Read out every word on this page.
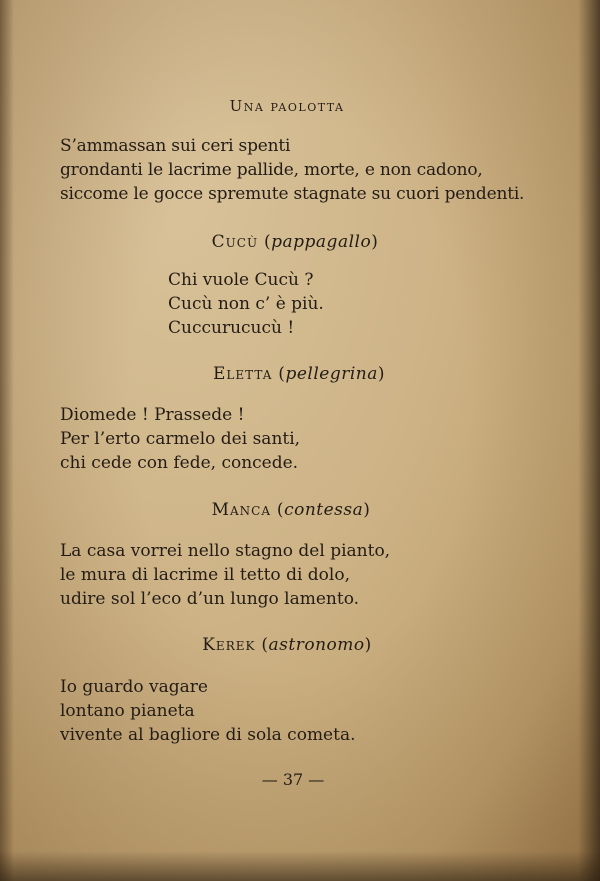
Una paolotta
S’ammassan sui ceri spenti
grondanti le lacrime pallide, morte, e non cadono,
siccome le gocce spremute stagnate su cuori pendenti.
Cucù (pappagallo)
Chi vuole Cucù ?
Cucù non c’ è più.
Cuccurucucù !
Eletta (pellegrina)
Diomede ! Prassede !
Per l’erto carmelo dei santi,
chi cede con fede, concede.
Manca (contessa)
La casa vorrei nello stagno del pianto,
le mura di lacrime il tetto di dolo,
udire sol l’eco d’un lungo lamento.
Kerek (astronomo)
Io guardo vagare
lontano pianeta
vivente al bagliore di sola cometa.
— 37 —
